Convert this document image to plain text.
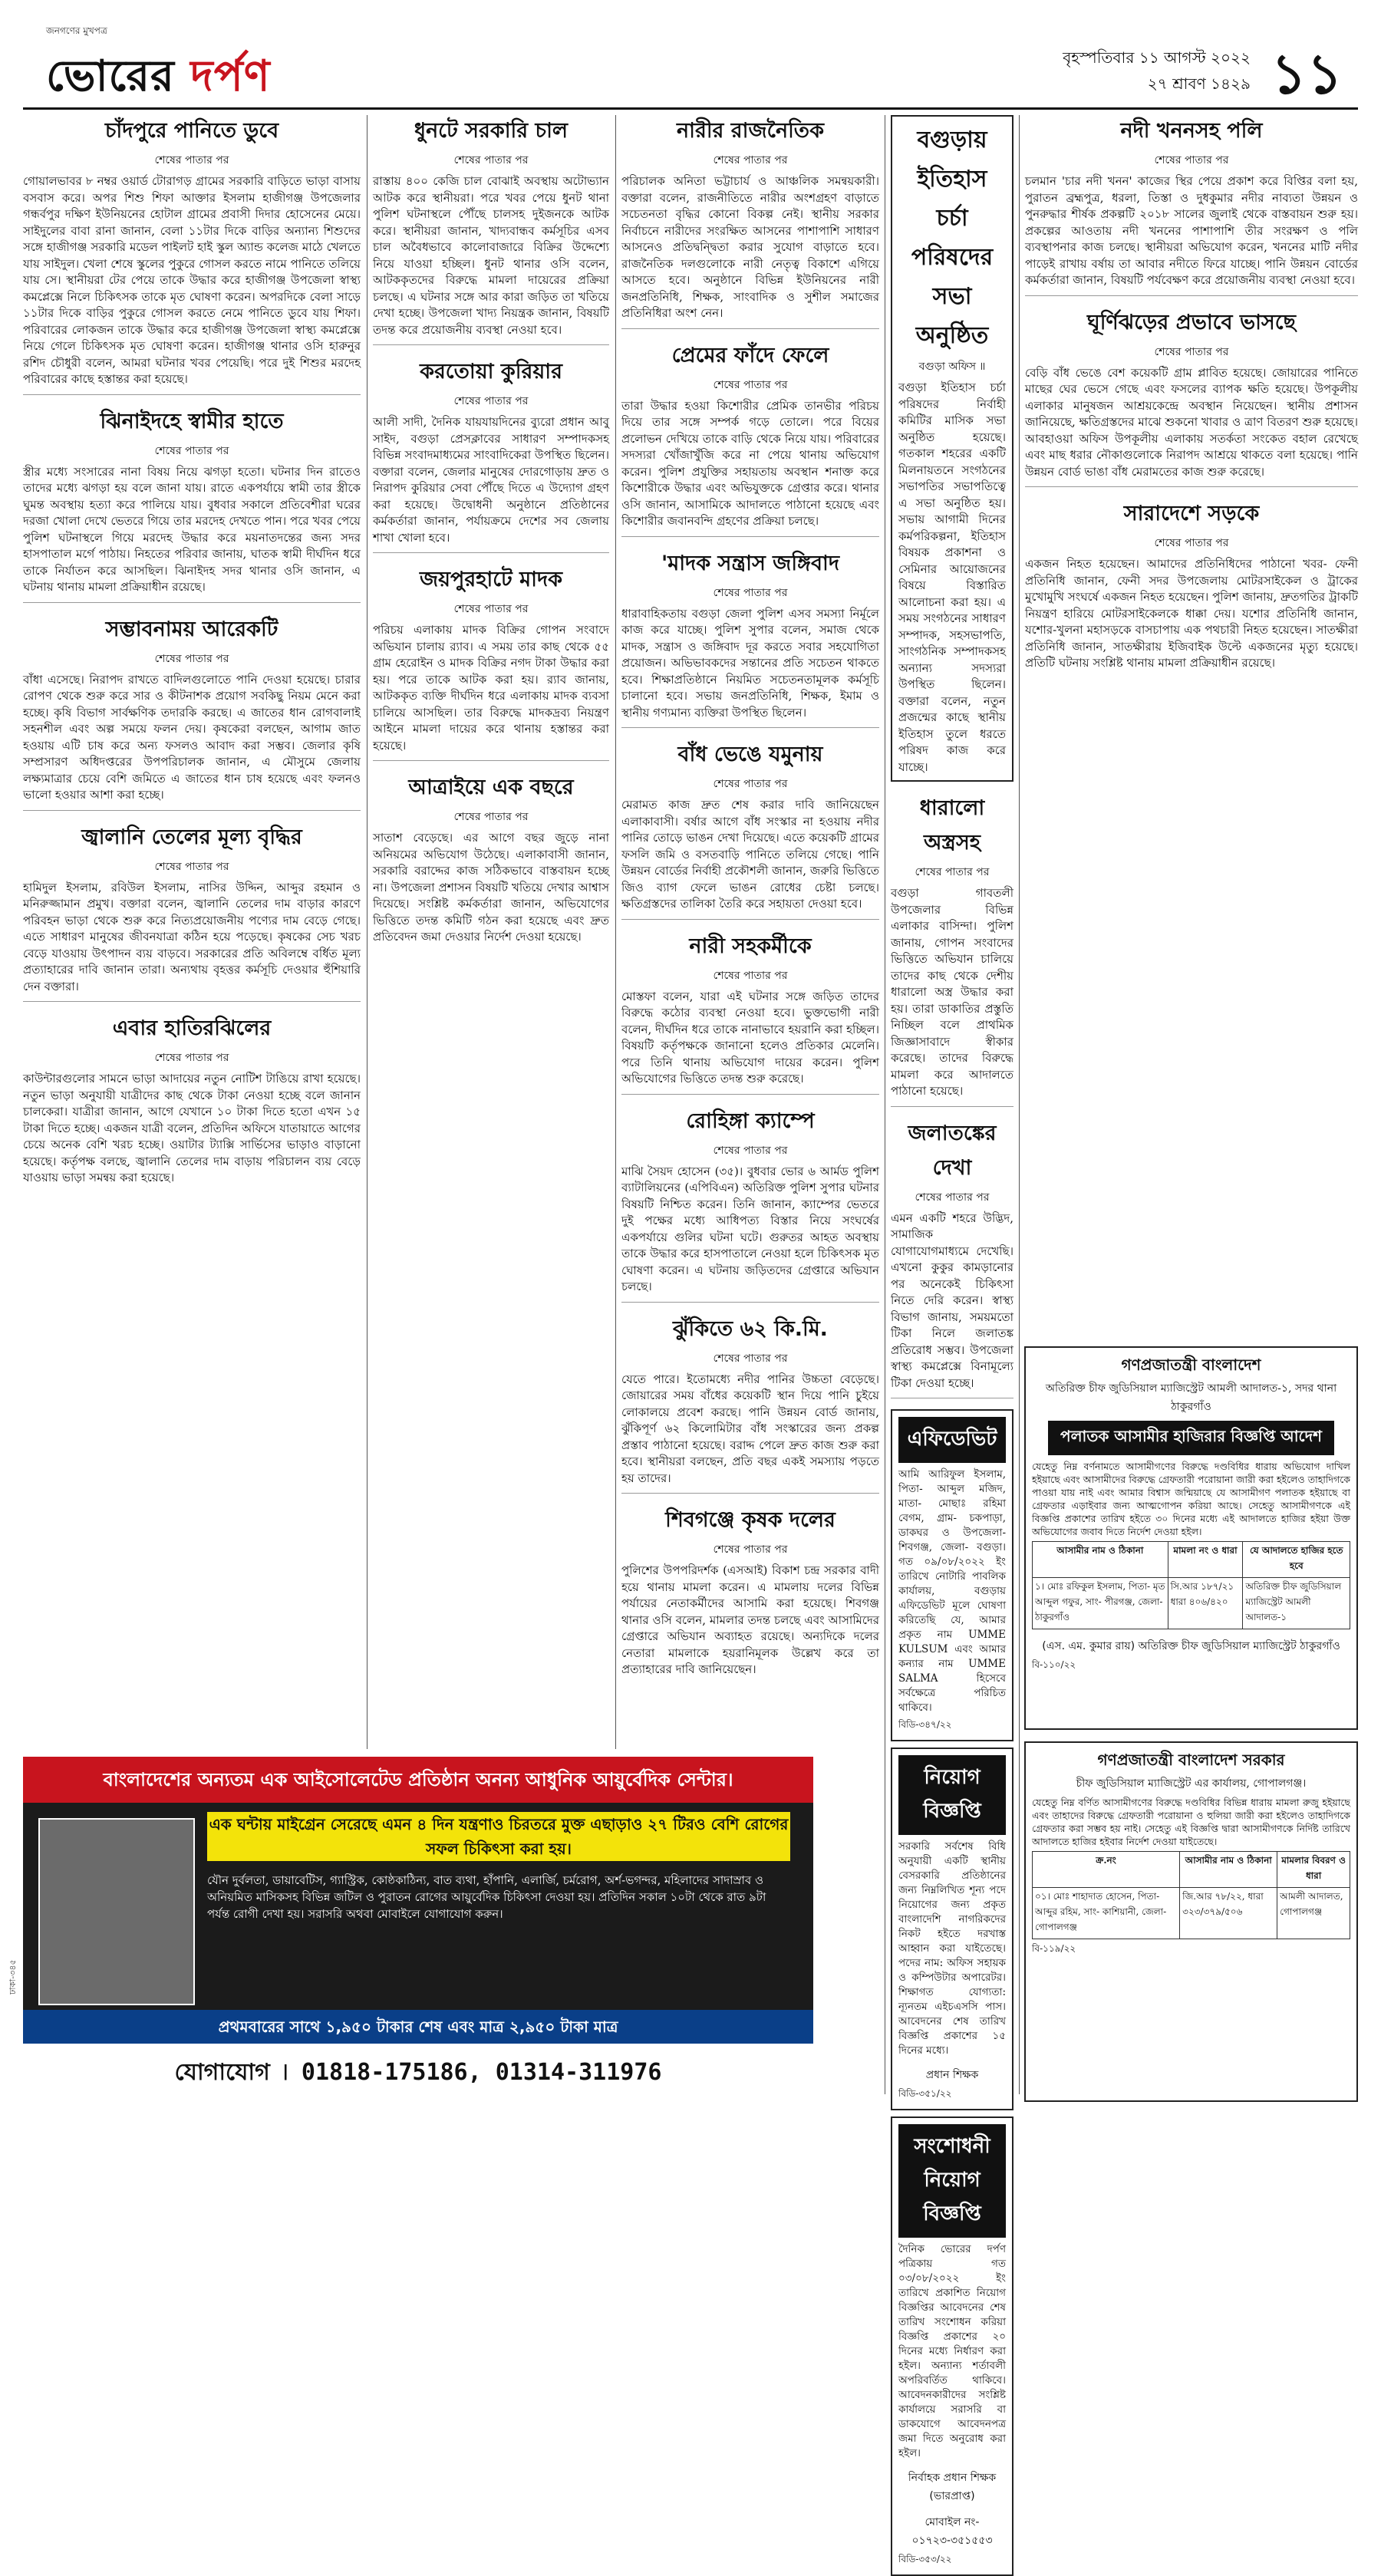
জনগণের মুখপত্র
ভোরের দর্পণ	বৃহস্পতিবার ১১ আগস্ট ২০২২
২৭ শ্রাবণ ১৪২৯ ১১
চাঁদপুরে পানিতে ডুবে
শেষের পাতার পর

গোয়ালভাবর ৮ নম্বর ওয়ার্ড টোরাগড় গ্রামের সরকারি বাড়িতে ভাড়া বাসায় বসবাস করে। অপর শিশু শিফা আক্তার ইসলাম হাজীগঞ্জ উপজেলার গন্ধর্বপুর দক্ষিণ ইউনিয়নের হোটাল গ্রামের প্রবাসী দিদার হোসেনের মেয়ে। সাইদুলের বাবা রানা জানান, বেলা ১১টার দিকে বাড়ির অন্যান্য শিশুদের সঙ্গে হাজীগঞ্জ সরকারি মডেল পাইলট হাই স্কুল অ্যান্ড কলেজ মাঠে খেলতে যায় সাইদুল। খেলা শেষে স্কুলের পুকুরে গোসল করতে নামে পানিতে তলিয়ে যায় সে। স্থানীয়রা টের পেয়ে তাকে উদ্ধার করে হাজীগঞ্জ উপজেলা স্বাস্থ্য কমপ্লেক্সে নিলে চিকিৎসক তাকে মৃত ঘোষণা করেন। অপরদিকে বেলা সাড়ে ১১টার দিকে বাড়ির পুকুরে গোসল করতে নেমে পানিতে ডুবে যায় শিফা। পরিবারের লোকজন তাকে উদ্ধার করে হাজীগঞ্জ উপজেলা স্বাস্থ্য কমপ্লেক্সে নিয়ে গেলে চিকিৎসক মৃত ঘোষণা করেন। হাজীগঞ্জ থানার ওসি হারুনুর রশিদ চৌধুরী বলেন, আমরা ঘটনার খবর পেয়েছি। পরে দুই শিশুর মরদেহ পরিবারের কাছে হস্তান্তর করা হয়েছে।

ঝিনাইদহে স্বামীর হাতে
শেষের পাতার পর

স্ত্রীর মধ্যে সংসারের নানা বিষয় নিয়ে ঝগড়া হতো। ঘটনার দিন রাতেও তাদের মধ্যে ঝগড়া হয় বলে জানা যায়। রাতে একপর্যায়ে স্বামী তার স্ত্রীকে ঘুমন্ত অবস্থায় হত্যা করে পালিয়ে যায়। বুধবার সকালে প্রতিবেশীরা ঘরের দরজা খোলা দেখে ভেতরে গিয়ে তার মরদেহ দেখতে পান। পরে খবর পেয়ে পুলিশ ঘটনাস্থলে গিয়ে মরদেহ উদ্ধার করে ময়নাতদন্তের জন্য সদর হাসপাতাল মর্গে পাঠায়। নিহতের পরিবার জানায়, ঘাতক স্বামী দীর্ঘদিন ধরে তাকে নির্যাতন করে আসছিল। ঝিনাইদহ সদর থানার ওসি জানান, এ ঘটনায় থানায় মামলা প্রক্রিয়াধীন রয়েছে।

সম্ভাবনাময় আরেকটি
শেষের পাতার পর

বাঁধা এসেছে। নিরাপদ রাখতে বাদিলগুলোতে পানি দেওয়া হয়েছে। চারার রোপণ থেকে শুরু করে সার ও কীটনাশক প্রয়োগ সবকিছু নিয়ম মেনে করা হচ্ছে। কৃষি বিভাগ সার্বক্ষণিক তদারকি করছে। এ জাতের ধান রোগবালাই সহনশীল এবং অল্প সময়ে ফলন দেয়। কৃষকেরা বলছেন, আগাম জাত হওয়ায় এটি চাষ করে অন্য ফসলও আবাদ করা সম্ভব। জেলার কৃষি সম্প্রসারণ অধিদপ্তরের উপপরিচালক জানান, এ মৌসুমে জেলায় লক্ষ্যমাত্রার চেয়ে বেশি জমিতে এ জাতের ধান চাষ হয়েছে এবং ফলনও ভালো হওয়ার আশা করা হচ্ছে।

জ্বালানি তেলের মূল্য বৃদ্ধির
শেষের পাতার পর

হামিদুল ইসলাম, রবিউল ইসলাম, নাসির উদ্দিন, আব্দুর রহমান ও মনিরুজ্জামান প্রমুখ। বক্তারা বলেন, জ্বালানি তেলের দাম বাড়ার কারণে পরিবহন ভাড়া থেকে শুরু করে নিত্যপ্রয়োজনীয় পণ্যের দাম বেড়ে গেছে। এতে সাধারণ মানুষের জীবনযাত্রা কঠিন হয়ে পড়েছে। কৃষকের সেচ খরচ বেড়ে যাওয়ায় উৎপাদন ব্যয় বাড়বে। সরকারের প্রতি অবিলম্বে বর্ধিত মূল্য প্রত্যাহারের দাবি জানান তারা। অন্যথায় বৃহত্তর কর্মসূচি দেওয়ার হুঁশিয়ারি দেন বক্তারা।

এবার হাতিরঝিলের
শেষের পাতার পর

কাউন্টারগুলোর সামনে ভাড়া আদায়ের নতুন নোটিশ টাঙিয়ে রাখা হয়েছে। নতুন ভাড়া অনুযায়ী যাত্রীদের কাছ থেকে টাকা নেওয়া হচ্ছে বলে জানান চালকেরা। যাত্রীরা জানান, আগে যেখানে ১০ টাকা দিতে হতো এখন ১৫ টাকা দিতে হচ্ছে। একজন যাত্রী বলেন, প্রতিদিন অফিসে যাতায়াতে আগের চেয়ে অনেক বেশি খরচ হচ্ছে। ওয়াটার ট্যাক্সি সার্ভিসের ভাড়াও বাড়ানো হয়েছে। কর্তৃপক্ষ বলছে, জ্বালানি তেলের দাম বাড়ায় পরিচালন ব্যয় বেড়ে যাওয়ায় ভাড়া সমন্বয় করা হয়েছে।

ধুনটে সরকারি চাল
শেষের পাতার পর

রাস্তায় ৪০০ কেজি চাল বোঝাই অবস্থায় অটোভ্যান আটক করে স্থানীয়রা। পরে খবর পেয়ে ধুনট থানা পুলিশ ঘটনাস্থলে পৌঁছে চালসহ দুইজনকে আটক করে। স্থানীয়রা জানান, খাদ্যবান্ধব কর্মসূচির এসব চাল অবৈধভাবে কালোবাজারে বিক্রির উদ্দেশ্যে নিয়ে যাওয়া হচ্ছিল। ধুনট থানার ওসি বলেন, আটককৃতদের বিরুদ্ধে মামলা দায়েরের প্রক্রিয়া চলছে। এ ঘটনার সঙ্গে আর কারা জড়িত তা খতিয়ে দেখা হচ্ছে। উপজেলা খাদ্য নিয়ন্ত্রক জানান, বিষয়টি তদন্ত করে প্রয়োজনীয় ব্যবস্থা নেওয়া হবে।

করতোয়া কুরিয়ার
শেষের পাতার পর

আলী সাদী, দৈনিক যায়যায়দিনের ব্যুরো প্রধান আবু সাইদ, বগুড়া প্রেসক্লাবের সাধারণ সম্পাদকসহ বিভিন্ন সংবাদমাধ্যমের সাংবাদিকেরা উপস্থিত ছিলেন। বক্তারা বলেন, জেলার মানুষের দোরগোড়ায় দ্রুত ও নিরাপদ কুরিয়ার সেবা পৌঁছে দিতে এ উদ্যোগ গ্রহণ করা হয়েছে। উদ্বোধনী অনুষ্ঠানে প্রতিষ্ঠানের কর্মকর্তারা জানান, পর্যায়ক্রমে দেশের সব জেলায় শাখা খোলা হবে।

জয়পুরহাটে মাদক
শেষের পাতার পর

পরিচয় এলাকায় মাদক বিক্রির গোপন সংবাদে অভিযান চালায় র‌্যাব। এ সময় তার কাছ থেকে ৫৫ গ্রাম হেরোইন ও মাদক বিক্রির নগদ টাকা উদ্ধার করা হয়। পরে তাকে আটক করা হয়। র‌্যাব জানায়, আটককৃত ব্যক্তি দীর্ঘদিন ধরে এলাকায় মাদক ব্যবসা চালিয়ে আসছিল। তার বিরুদ্ধে মাদকদ্রব্য নিয়ন্ত্রণ আইনে মামলা দায়ের করে থানায় হস্তান্তর করা হয়েছে।

আত্রাইয়ে এক বছরে
শেষের পাতার পর

সাতাশ বেড়েছে। এর আগে বছর জুড়ে নানা অনিয়মের অভিযোগ উঠেছে। এলাকাবাসী জানান, সরকারি বরাদ্দের কাজ সঠিকভাবে বাস্তবায়ন হচ্ছে না। উপজেলা প্রশাসন বিষয়টি খতিয়ে দেখার আশ্বাস দিয়েছে। সংশ্লিষ্ট কর্মকর্তারা জানান, অভিযোগের ভিত্তিতে তদন্ত কমিটি গঠন করা হয়েছে এবং দ্রুত প্রতিবেদন জমা দেওয়ার নির্দেশ দেওয়া হয়েছে।

নারীর রাজনৈতিক
শেষের পাতার পর

পরিচালক অনিতা ভট্টাচার্য ও আঞ্চলিক সমন্বয়কারী। বক্তারা বলেন, রাজনীতিতে নারীর অংশগ্রহণ বাড়াতে সচেতনতা বৃদ্ধির কোনো বিকল্প নেই। স্থানীয় সরকার নির্বাচনে নারীদের সংরক্ষিত আসনের পাশাপাশি সাধারণ আসনেও প্রতিদ্বন্দ্বিতা করার সুযোগ বাড়াতে হবে। রাজনৈতিক দলগুলোকে নারী নেতৃত্ব বিকাশে এগিয়ে আসতে হবে। অনুষ্ঠানে বিভিন্ন ইউনিয়নের নারী জনপ্রতিনিধি, শিক্ষক, সাংবাদিক ও সুশীল সমাজের প্রতিনিধিরা অংশ নেন।

প্রেমের ফাঁদে ফেলে
শেষের পাতার পর

তারা উদ্ধার হওয়া কিশোরীর প্রেমিক তানভীর পরিচয় দিয়ে তার সঙ্গে সম্পর্ক গড়ে তোলে। পরে বিয়ের প্রলোভন দেখিয়ে তাকে বাড়ি থেকে নিয়ে যায়। পরিবারের সদস্যরা খোঁজাখুঁজি করে না পেয়ে থানায় অভিযোগ করেন। পুলিশ প্রযুক্তির সহায়তায় অবস্থান শনাক্ত করে কিশোরীকে উদ্ধার এবং অভিযুক্তকে গ্রেপ্তার করে। থানার ওসি জানান, আসামিকে আদালতে পাঠানো হয়েছে এবং কিশোরীর জবানবন্দি গ্রহণের প্রক্রিয়া চলছে।

'মাদক সন্ত্রাস জঙ্গিবাদ
শেষের পাতার পর

ধারাবাহিকতায় বগুড়া জেলা পুলিশ এসব সমস্যা নির্মূলে কাজ করে যাচ্ছে। পুলিশ সুপার বলেন, সমাজ থেকে মাদক, সন্ত্রাস ও জঙ্গিবাদ দূর করতে সবার সহযোগিতা প্রয়োজন। অভিভাবকদের সন্তানের প্রতি সচেতন থাকতে হবে। শিক্ষাপ্রতিষ্ঠানে নিয়মিত সচেতনতামূলক কর্মসূচি চালানো হবে। সভায় জনপ্রতিনিধি, শিক্ষক, ইমাম ও স্থানীয় গণ্যমান্য ব্যক্তিরা উপস্থিত ছিলেন।

বাঁধ ভেঙে যমুনায়
শেষের পাতার পর

মেরামত কাজ দ্রুত শেষ করার দাবি জানিয়েছেন এলাকাবাসী। বর্ষার আগে বাঁধ সংস্কার না হওয়ায় নদীর পানির তোড়ে ভাঙন দেখা দিয়েছে। এতে কয়েকটি গ্রামের ফসলি জমি ও বসতবাড়ি পানিতে তলিয়ে গেছে। পানি উন্নয়ন বোর্ডের নির্বাহী প্রকৌশলী জানান, জরুরি ভিত্তিতে জিও ব্যাগ ফেলে ভাঙন রোধের চেষ্টা চলছে। ক্ষতিগ্রস্তদের তালিকা তৈরি করে সহায়তা দেওয়া হবে।

নারী সহকর্মীকে
শেষের পাতার পর

মোস্তফা বলেন, যারা এই ঘটনার সঙ্গে জড়িত তাদের বিরুদ্ধে কঠোর ব্যবস্থা নেওয়া হবে। ভুক্তভোগী নারী বলেন, দীর্ঘদিন ধরে তাকে নানাভাবে হয়রানি করা হচ্ছিল। বিষয়টি কর্তৃপক্ষকে জানানো হলেও প্রতিকার মেলেনি। পরে তিনি থানায় অভিযোগ দায়ের করেন। পুলিশ অভিযোগের ভিত্তিতে তদন্ত শুরু করেছে।

রোহিঙ্গা ক্যাম্পে
শেষের পাতার পর

মাঝি সৈয়দ হোসেন (৩৫)। বুধবার ভোর ৬ আর্মড পুলিশ ব্যাটালিয়নের (এপিবিএন) অতিরিক্ত পুলিশ সুপার ঘটনার বিষয়টি নিশ্চিত করেন। তিনি জানান, ক্যাম্পের ভেতরে দুই পক্ষের মধ্যে আধিপত্য বিস্তার নিয়ে সংঘর্ষের একপর্যায়ে গুলির ঘটনা ঘটে। গুরুতর আহত অবস্থায় তাকে উদ্ধার করে হাসপাতালে নেওয়া হলে চিকিৎসক মৃত ঘোষণা করেন। এ ঘটনায় জড়িতদের গ্রেপ্তারে অভিযান চলছে।

ঝুঁকিতে ৬২ কি.মি.
শেষের পাতার পর

যেতে পারে। ইতোমধ্যে নদীর পানির উচ্চতা বেড়েছে। জোয়ারের সময় বাঁধের কয়েকটি স্থান দিয়ে পানি চুইয়ে লোকালয়ে প্রবেশ করছে। পানি উন্নয়ন বোর্ড জানায়, ঝুঁকিপূর্ণ ৬২ কিলোমিটার বাঁধ সংস্কারের জন্য প্রকল্প প্রস্তাব পাঠানো হয়েছে। বরাদ্দ পেলে দ্রুত কাজ শুরু করা হবে। স্থানীয়রা বলছেন, প্রতি বছর একই সমস্যায় পড়তে হয় তাদের।

শিবগঞ্জে কৃষক দলের
শেষের পাতার পর

পুলিশের উপপরিদর্শক (এসআই) বিকাশ চন্দ্র সরকার বাদী হয়ে থানায় মামলা করেন। এ মামলায় দলের বিভিন্ন পর্যায়ের নেতাকর্মীদের আসামি করা হয়েছে। শিবগঞ্জ থানার ওসি বলেন, মামলার তদন্ত চলছে এবং আসামিদের গ্রেপ্তারে অভিযান অব্যাহত রয়েছে। অন্যদিকে দলের নেতারা মামলাকে হয়রানিমূলক উল্লেখ করে তা প্রত্যাহারের দাবি জানিয়েছেন।

বগুড়ায় ইতিহাস চর্চা পরিষদের সভা অনুষ্ঠিত
বগুড়া অফিস ॥

বগুড়া ইতিহাস চর্চা পরিষদের নির্বাহী কমিটির মাসিক সভা অনুষ্ঠিত হয়েছে। গতকাল শহরের একটি মিলনায়তনে সংগঠনের সভাপতির সভাপতিত্বে এ সভা অনুষ্ঠিত হয়। সভায় আগামী দিনের কর্মপরিকল্পনা, ইতিহাস বিষয়ক প্রকাশনা ও সেমিনার আয়োজনের বিষয়ে বিস্তারিত আলোচনা করা হয়। এ সময় সংগঠনের সাধারণ সম্পাদক, সহসভাপতি, সাংগঠনিক সম্পাদকসহ অন্যান্য সদস্যরা উপস্থিত ছিলেন। বক্তারা বলেন, নতুন প্রজন্মের কাছে স্থানীয় ইতিহাস তুলে ধরতে পরিষদ কাজ করে যাচ্ছে।

ধারালো অস্ত্রসহ
শেষের পাতার পর

বগুড়া গাবতলী উপজেলার বিভিন্ন এলাকার বাসিন্দা। পুলিশ জানায়, গোপন সংবাদের ভিত্তিতে অভিযান চালিয়ে তাদের কাছ থেকে দেশীয় ধারালো অস্ত্র উদ্ধার করা হয়। তারা ডাকাতির প্রস্তুতি নিচ্ছিল বলে প্রাথমিক জিজ্ঞাসাবাদে স্বীকার করেছে। তাদের বিরুদ্ধে মামলা করে আদালতে পাঠানো হয়েছে।

জলাতঙ্কের দেখা
শেষের পাতার পর

এমন একটি শহরে উদ্ভিদ, সামাজিক যোগাযোগমাধ্যমে দেখেছি। এখনো কুকুর কামড়ানোর পর অনেকেই চিকিৎসা নিতে দেরি করেন। স্বাস্থ্য বিভাগ জানায়, সময়মতো টিকা নিলে জলাতঙ্ক প্রতিরোধ সম্ভব। উপজেলা স্বাস্থ্য কমপ্লেক্সে বিনামূল্যে টিকা দেওয়া হচ্ছে।

এফিডেভিট

আমি আরিফুল ইসলাম, পিতা- আব্দুল মজিদ, মাতা- মোছাঃ রহিমা বেগম, গ্রাম- চকপাড়া, ডাকঘর ও উপজেলা- শিবগঞ্জ, জেলা- বগুড়া। গত ০৯/০৮/২০২২ ইং তারিখে নোটারি পাবলিক কার্যালয়, বগুড়ায় এফিডেভিট মূলে ঘোষণা করিতেছি যে, আমার প্রকৃত নাম UMME KULSUM এবং আমার কন্যার নাম UMME SALMA হিসেবে সর্বক্ষেত্রে পরিচিত থাকিবে।

বিডি-৩৪৭/২২
নিয়োগ বিজ্ঞপ্তি

সরকারি সর্বশেষ বিধি অনুযায়ী একটি স্থানীয় বেসরকারি প্রতিষ্ঠানের জন্য নিম্নলিখিত শূন্য পদে নিয়োগের জন্য প্রকৃত বাংলাদেশি নাগরিকদের নিকট হইতে দরখাস্ত আহ্বান করা যাইতেছে। পদের নাম: অফিস সহায়ক ও কম্পিউটার অপারেটর। শিক্ষাগত যোগ্যতা: ন্যূনতম এইচএসসি পাস। আবেদনের শেষ তারিখ বিজ্ঞপ্তি প্রকাশের ১৫ দিনের মধ্যে।

প্রধান শিক্ষক
বিডি-৩৫১/২২
সংশোধনী নিয়োগ বিজ্ঞপ্তি

দৈনিক ভোরের দর্পণ পত্রিকায় গত ০৩/০৮/২০২২ ইং তারিখে প্রকাশিত নিয়োগ বিজ্ঞপ্তির আবেদনের শেষ তারিখ সংশোধন করিয়া বিজ্ঞপ্তি প্রকাশের ২০ দিনের মধ্যে নির্ধারণ করা হইল। অন্যান্য শর্তাবলী অপরিবর্তিত থাকিবে। আবেদনকারীদের সংশ্লিষ্ট কার্যালয়ে সরাসরি বা ডাকযোগে আবেদনপত্র জমা দিতে অনুরোধ করা হইল।

নির্বাহক প্রধান শিক্ষক (ভারপ্রাপ্ত)
মোবাইল নং- ০১৭২৩-৩৫১৫৫৩
বিডি-৩৫৩/২২
নদী খননসহ পলি
শেষের পাতার পর

চলমান 'চার নদী খনন' কাজের স্থির পেয়ে প্রকাশ করে বিপ্তির বলা হয়, পুরাতন ব্রহ্মপুত্র, ধরলা, তিস্তা ও দুধকুমার নদীর নাব্যতা উন্নয়ন ও পুনরুদ্ধার শীর্ষক প্রকল্পটি ২০১৮ সালের জুলাই থেকে বাস্তবায়ন শুরু হয়। প্রকল্পের আওতায় নদী খননের পাশাপাশি তীর সংরক্ষণ ও পলি ব্যবস্থাপনার কাজ চলছে। স্থানীয়রা অভিযোগ করেন, খননের মাটি নদীর পাড়েই রাখায় বর্ষায় তা আবার নদীতে ফিরে যাচ্ছে। পানি উন্নয়ন বোর্ডের কর্মকর্তারা জানান, বিষয়টি পর্যবেক্ষণ করে প্রয়োজনীয় ব্যবস্থা নেওয়া হবে।

ঘূর্ণিঝড়ের প্রভাবে ভাসছে
শেষের পাতার পর

বেড়ি বাঁধ ভেঙে বেশ কয়েকটি গ্রাম প্লাবিত হয়েছে। জোয়ারের পানিতে মাছের ঘের ভেসে গেছে এবং ফসলের ব্যাপক ক্ষতি হয়েছে। উপকূলীয় এলাকার মানুষজন আশ্রয়কেন্দ্রে অবস্থান নিয়েছেন। স্থানীয় প্রশাসন জানিয়েছে, ক্ষতিগ্রস্তদের মাঝে শুকনো খাবার ও ত্রাণ বিতরণ শুরু হয়েছে। আবহাওয়া অফিস উপকূলীয় এলাকায় সতর্কতা সংকেত বহাল রেখেছে এবং মাছ ধরার নৌকাগুলোকে নিরাপদ আশ্রয়ে থাকতে বলা হয়েছে। পানি উন্নয়ন বোর্ড ভাঙা বাঁধ মেরামতের কাজ শুরু করেছে।

সারাদেশে সড়কে
শেষের পাতার পর

একজন নিহত হয়েছেন। আমাদের প্রতিনিধিদের পাঠানো খবর- ফেনী প্রতিনিধি জানান, ফেনী সদর উপজেলায় মোটরসাইকেল ও ট্রাকের মুখোমুখি সংঘর্ষে একজন নিহত হয়েছেন। পুলিশ জানায়, দ্রুতগতির ট্রাকটি নিয়ন্ত্রণ হারিয়ে মোটরসাইকেলকে ধাক্কা দেয়। যশোর প্রতিনিধি জানান, যশোর-খুলনা মহাসড়কে বাসচাপায় এক পথচারী নিহত হয়েছেন। সাতক্ষীরা প্রতিনিধি জানান, সাতক্ষীরায় ইজিবাইক উল্টে একজনের মৃত্যু হয়েছে। প্রতিটি ঘটনায় সংশ্লিষ্ট থানায় মামলা প্রক্রিয়াধীন রয়েছে।

গণপ্রজাতন্ত্রী বাংলাদেশ
অতিরিক্ত চীফ জুডিসিয়াল ম্যাজিস্ট্রেট আমলী আদালত-১, সদর থানা ঠাকুরগাঁও
পলাতক আসামীর হাজিরার বিজ্ঞপ্তি আদেশ

যেহেতু নিম্ন বর্ণনামতে আসামীগণের বিরুদ্ধে দণ্ডবিধির ধারায় অভিযোগ দাখিল হইয়াছে এবং আসামীদের বিরুদ্ধে গ্রেফতারী পরোয়ানা জারী করা হইলেও তাহাদিগকে পাওয়া যায় নাই এবং আমার বিশ্বাস জন্মিয়াছে যে আসামীগণ পলাতক হইয়াছে বা গ্রেফতার এড়াইবার জন্য আত্মগোপন করিয়া আছে। সেহেতু আসামীগণকে এই বিজ্ঞপ্তি প্রকাশের তারিখ হইতে ৩০ দিনের মধ্যে এই আদালতে হাজির হইয়া উক্ত অভিযোগের জবাব দিতে নির্দেশ দেওয়া হইল।

আসামীর নাম ও ঠিকানা	মামলা নং ও ধারা	যে আদালতে হাজির হতে হবে
১। মোঃ রফিকুল ইসলাম, পিতা- মৃত আব্দুল গফুর, সাং- পীরগঞ্জ, জেলা- ঠাকুরগাঁও	সি.আর ১৮৭/২১ ধারা ৪০৬/৪২০	অতিরিক্ত চীফ জুডিসিয়াল ম্যাজিস্ট্রেট আমলী আদালত-১
(এস. এম. কুমার রায়) অতিরিক্ত চীফ জুডিসিয়াল ম্যাজিস্ট্রেট ঠাকুরগাঁও
বি-১১০/২২
গণপ্রজাতন্ত্রী বাংলাদেশ সরকার
চীফ জুডিসিয়াল ম্যাজিস্ট্রেট এর কার্যালয়, গোপালগঞ্জ।

যেহেতু নিম্ন বর্ণিত আসামীগণের বিরুদ্ধে দণ্ডবিধির বিভিন্ন ধারায় মামলা রুজু হইয়াছে এবং তাহাদের বিরুদ্ধে গ্রেফতারী পরোয়ানা ও হুলিয়া জারী করা হইলেও তাহাদিগকে গ্রেফতার করা সম্ভব হয় নাই। সেহেতু এই বিজ্ঞপ্তি দ্বারা আসামীগণকে নির্দিষ্ট তারিখে আদালতে হাজির হইবার নির্দেশ দেওয়া যাইতেছে।

ক্র.নং	আসামীর নাম ও ঠিকানা	মামলার বিবরণ ও ধারা
০১। মোঃ শাহাদাত হোসেন, পিতা- আব্দুর রহিম, সাং- কাশিয়ানী, জেলা- গোপালগঞ্জ	জি.আর ৭৮/২২, ধারা ৩২৩/৩৭৯/৫০৬	আমলী আদালত, গোপালগঞ্জ
বি-১১৯/২২
বাংলাদেশের অন্যতম এক আইসোলেটেড প্রতিষ্ঠান অনন্য আধুনিক আয়ুর্বেদিক সেন্টার।
এক ঘন্টায় মাইগ্রেন সেরেছে এমন ৪ দিন যন্ত্রণাও চিরতরে মুক্ত এছাড়াও ২৭ টিরও বেশি রোগের সফল চিকিৎসা করা হয়।
যৌন দুর্বলতা, ডায়াবেটিস, গ্যাস্ট্রিক, কোষ্ঠকাঠিন্য, বাত ব্যথা, হাঁপানি, এলার্জি, চর্মরোগ, অর্শ-ভগন্দর, মহিলাদের সাদাস্রাব ও অনিয়মিত মাসিকসহ বিভিন্ন জটিল ও পুরাতন রোগের আয়ুর্বেদিক চিকিৎসা দেওয়া হয়। প্রতিদিন সকাল ১০টা থেকে রাত ৯টা পর্যন্ত রোগী দেখা হয়। সরাসরি অথবা মোবাইলে যোগাযোগ করুন।
প্রথমবারের সাথে ১,৯৫০ টাকার শেষ এবং মাত্র ২,৯৫০ টাকা মাত্র
যোগাযোগ ৷ 01818-175186, 01314-311976
ঢাকা-৩৪৫
